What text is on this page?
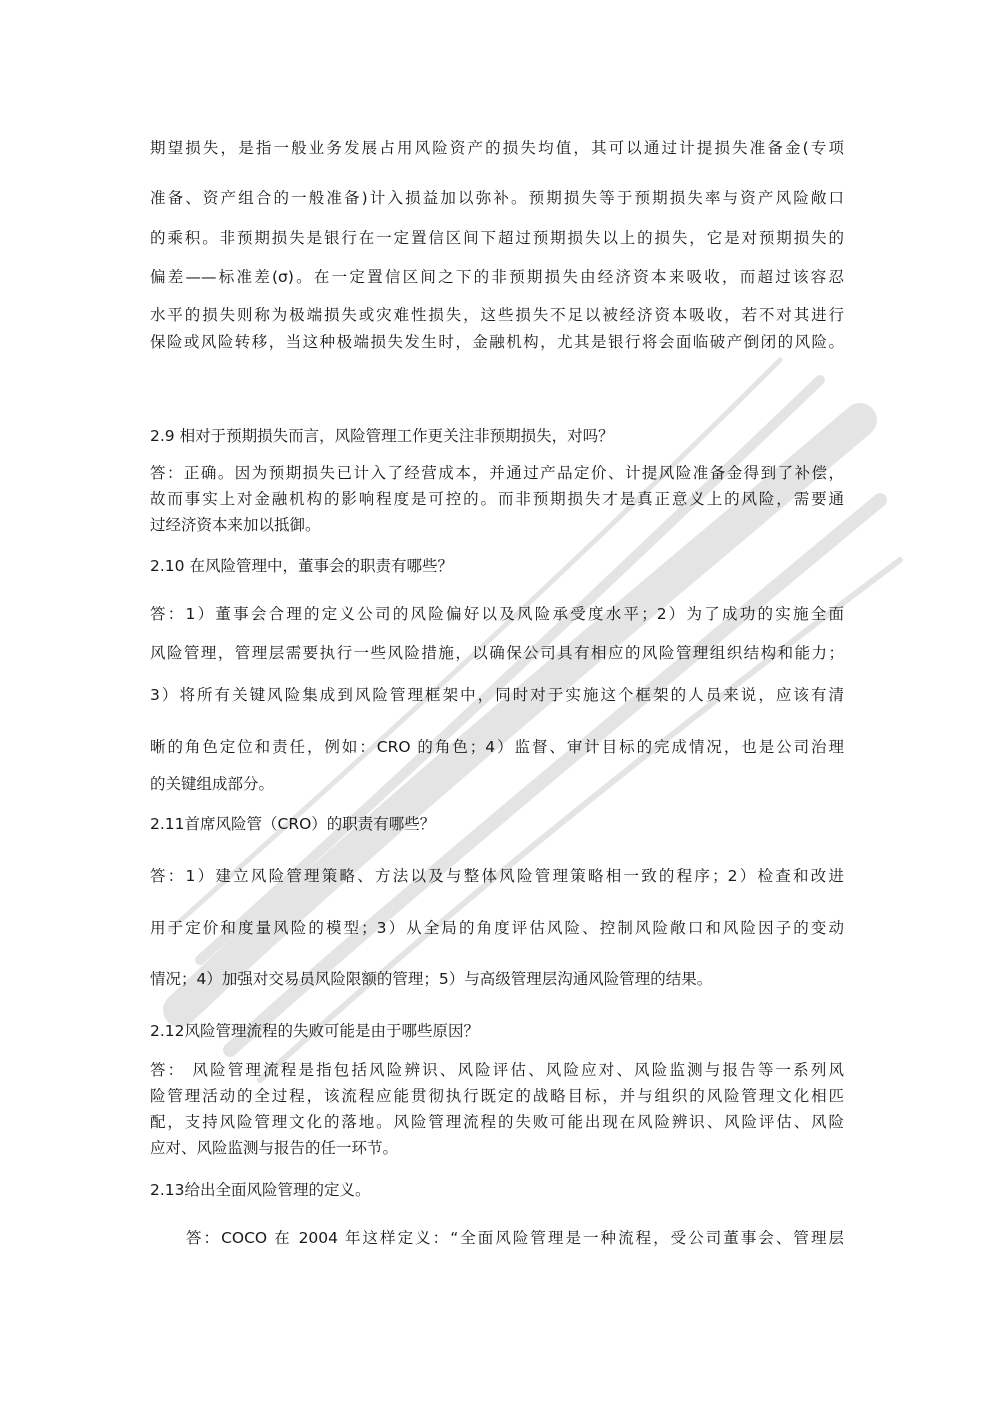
期望损失，是指一般业务发展占用风险资产的损失均值，其可以通过计提损失准备金(专项
准备、资产组合的一般准备)计入损益加以弥补。预期损失等于预期损失率与资产风险敞口
的乘积。非预期损失是银行在一定置信区间下超过预期损失以上的损失，它是对预期损失的
偏差——标准差(σ)。在一定置信区间之下的非预期损失由经济资本来吸收，而超过该容忍
水平的损失则称为极端损失或灾难性损失，这些损失不足以被经济资本吸收，若不对其进行
保险或风险转移，当这种极端损失发生时，金融机构，尤其是银行将会面临破产倒闭的风险。
2.9 相对于预期损失而言，风险管理工作更关注非预期损失，对吗？
答：正确。因为预期损失已计入了经营成本，并通过产品定价、计提风险准备金得到了补偿，
故而事实上对金融机构的影响程度是可控的。而非预期损失才是真正意义上的风险，需要通
过经济资本来加以抵御。
2.10 在风险管理中，董事会的职责有哪些？
答：1）董事会合理的定义公司的风险偏好以及风险承受度水平；2）为了成功的实施全面
风险管理，管理层需要执行一些风险措施，以确保公司具有相应的风险管理组织结构和能力；
3）将所有关键风险集成到风险管理框架中，同时对于实施这个框架的人员来说，应该有清
晰的角色定位和责任，例如：CRO 的角色；4）监督、审计目标的完成情况，也是公司治理
的关键组成部分。
2.11首席风险管（CRO）的职责有哪些？
答：1）建立风险管理策略、方法以及与整体风险管理策略相一致的程序；2）检查和改进
用于定价和度量风险的模型；3）从全局的角度评估风险、控制风险敞口和风险因子的变动
情况；4）加强对交易员风险限额的管理；5）与高级管理层沟通风险管理的结果。
2.12风险管理流程的失败可能是由于哪些原因？
答： 风险管理流程是指包括风险辨识、风险评估、风险应对、风险监测与报告等一系列风
险管理活动的全过程，该流程应能贯彻执行既定的战略目标，并与组织的风险管理文化相匹
配，支持风险管理文化的落地。风险管理流程的失败可能出现在风险辨识、风险评估、风险
应对、风险监测与报告的任一环节。
2.13给出全面风险管理的定义。
答：COCO 在 2004 年这样定义：“全面风险管理是一种流程，受公司董事会、管理层
